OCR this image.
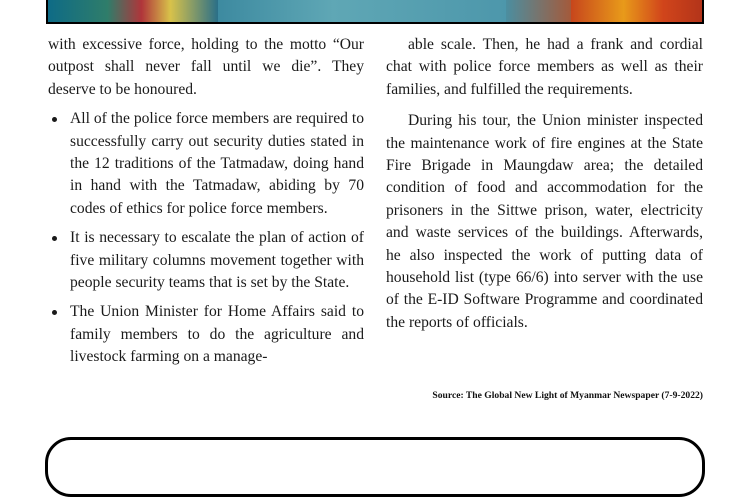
with excessive force, holding to the motto “Our outpost shall never fall until we die”. They deserve to be honoured.

All of the police force members are required to successfully carry out security duties stated in the 12 traditions of the Tatmadaw, doing hand in hand with the Tatmadaw, abiding by 70 codes of ethics for police force members.
It is necessary to escalate the plan of action of five military columns movement together with people security teams that is set by the State.
The Union Minister for Home Affairs said to family members to do the agriculture and livestock farming on a manage-

able scale. Then, he had a frank and cordial chat with police force members as well as their families, and fulfilled the requirements.

During his tour, the Union minister inspected the maintenance work of fire engines at the State Fire Brigade in Maungdaw area; the detailed condition of food and accommodation for the prisoners in the Sittwe prison, water, electricity and waste services of the buildings. Afterwards, he also inspected the work of putting data of household list (type 66/6) into server with the use of the E-ID Software Programme and coordinated the reports of officials.

Source: The Global New Light of Myanmar Newspaper (7-9-2022)
